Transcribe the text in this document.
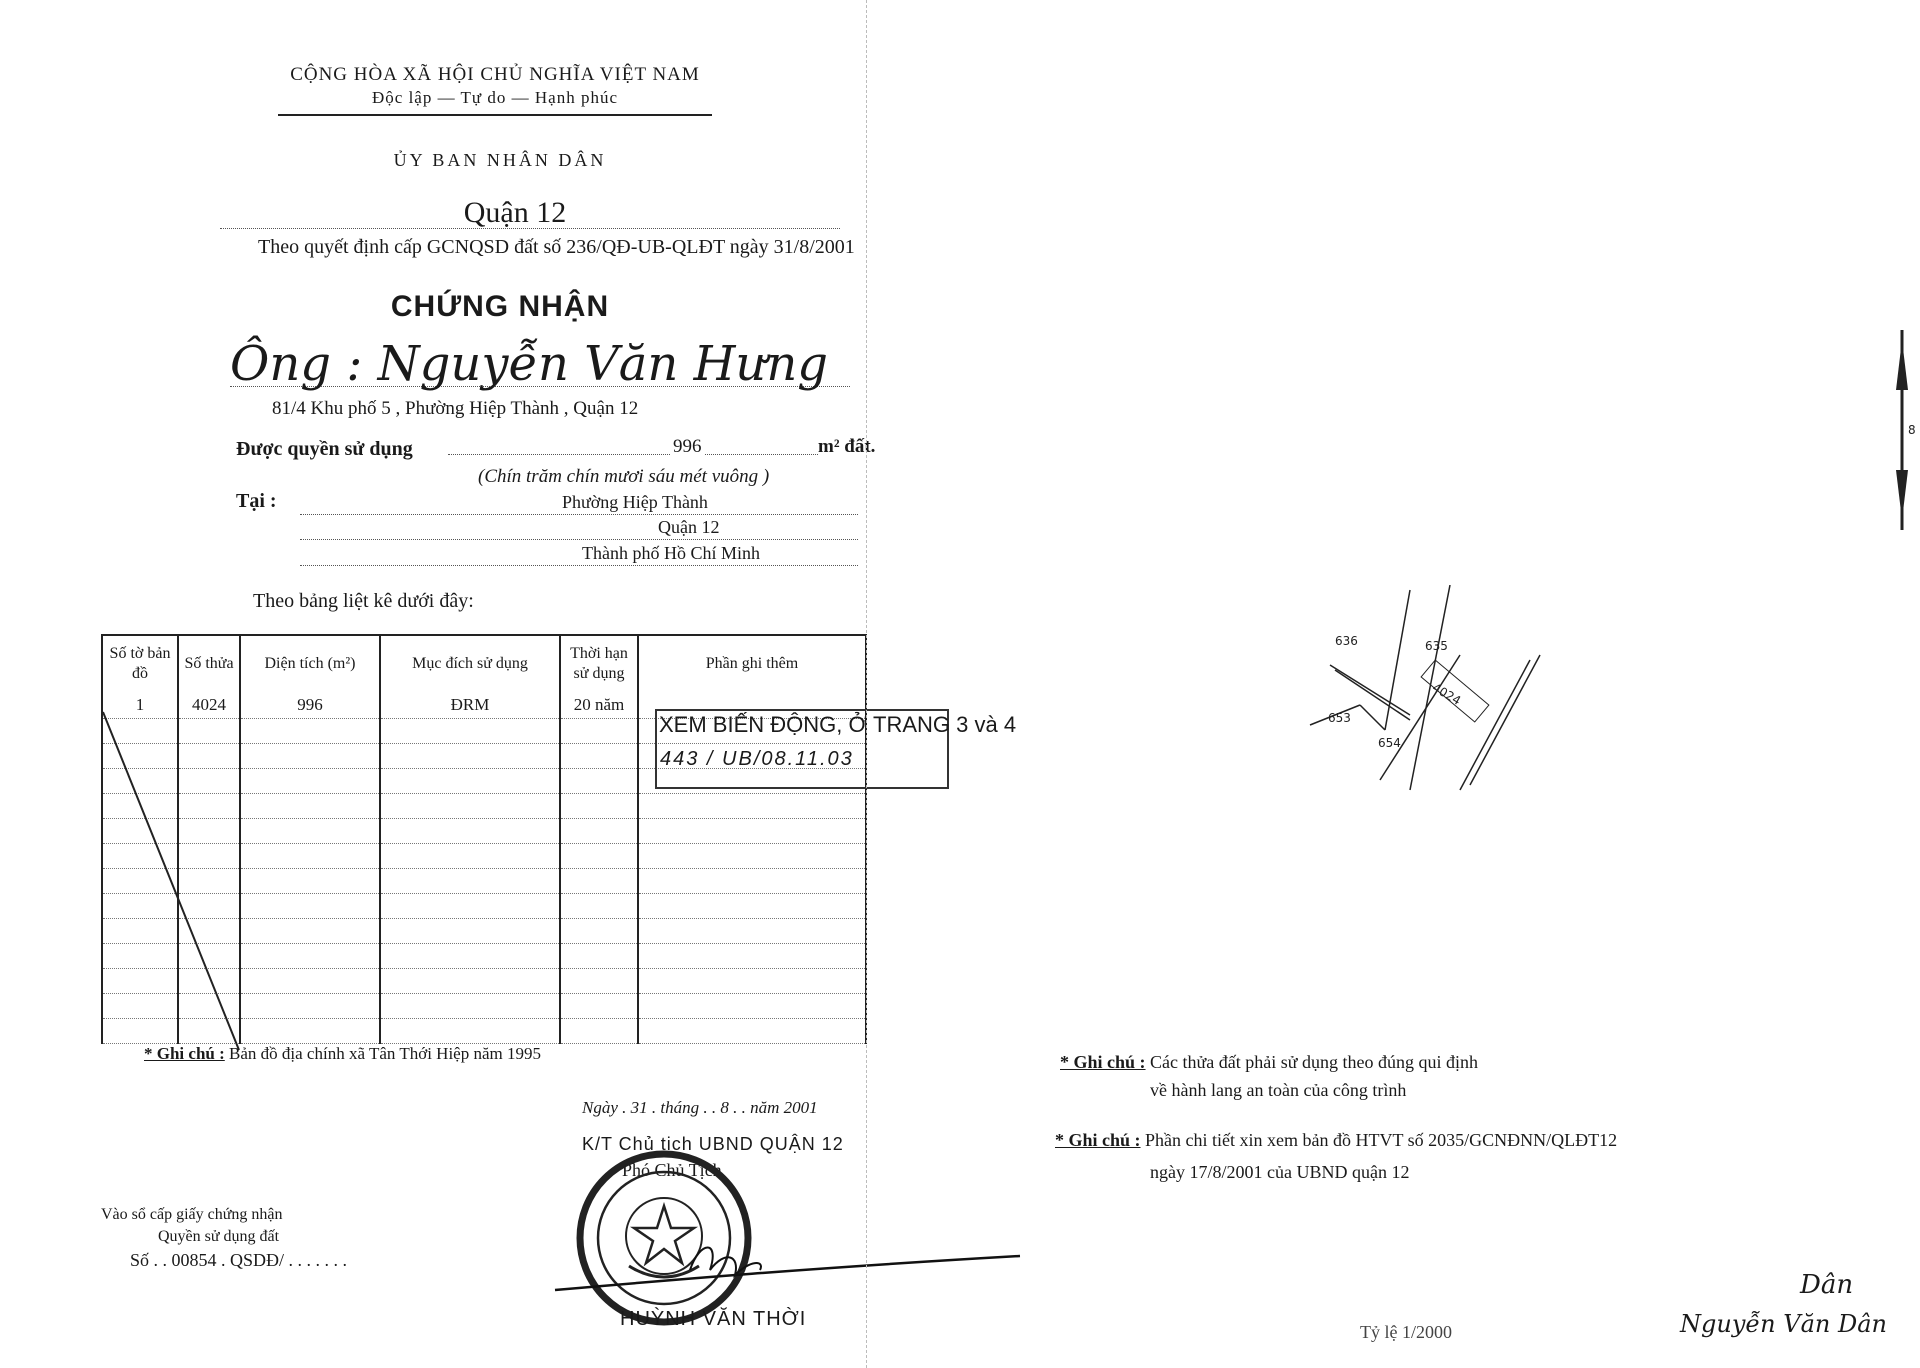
CỘNG HÒA XÃ HỘI CHỦ NGHĨA VIỆT NAM
Độc lập — Tự do — Hạnh phúc
ỦY BAN NHÂN DÂN
Quận 12
Theo quyết định cấp GCNQSD đất số 236/QĐ-UB-QLĐT ngày 31/8/2001
CHỨNG NHẬN
Ông : Nguyễn Văn Hưng
81/4 Khu phố 5 , Phường Hiệp Thành , Quận 12
Được quyền sử dụng	996	m² đất.
(Chín trăm chín mươi sáu mét vuông )
Tại :	Phường Hiệp Thành
Quận 12
Thành phố Hồ Chí Minh
Theo bảng liệt kê dưới đây:
Số tờ bản đồ	Số thửa	Diện tích (m²)	Mục đích sử dụng	Thời hạn sử dụng	Phần ghi thêm
1	4024	996	ĐRM	20 năm	

XEM BIẾN ĐỘNG, Ở TRANG 3 và 4
443 / UB/08.11.03
* Ghi chú : Bản đồ địa chính xã Tân Thới Hiệp năm 1995
Ngày . 31 . tháng . . 8 . . năm 2001
K/T Chủ tịch UBND QUẬN 12
Phó Chủ Tịch
HUỲNH VĂN THỜI
Vào sổ cấp giấy chứng nhận
Quyền sử dụng đất
Số . . 00854 . QSDĐ/ . . . . . . .
8
636	635
4024
653
654
* Ghi chú : Các thửa đất phải sử dụng theo đúng qui định
về hành lang an toàn của công trình
* Ghi chú : Phần chi tiết xin xem bản đồ HTVT số 2035/GCNĐNN/QLĐT12
ngày 17/8/2001 của UBND quận 12
Tỷ lệ 1/2000
Dân
Nguyễn Văn Dân
